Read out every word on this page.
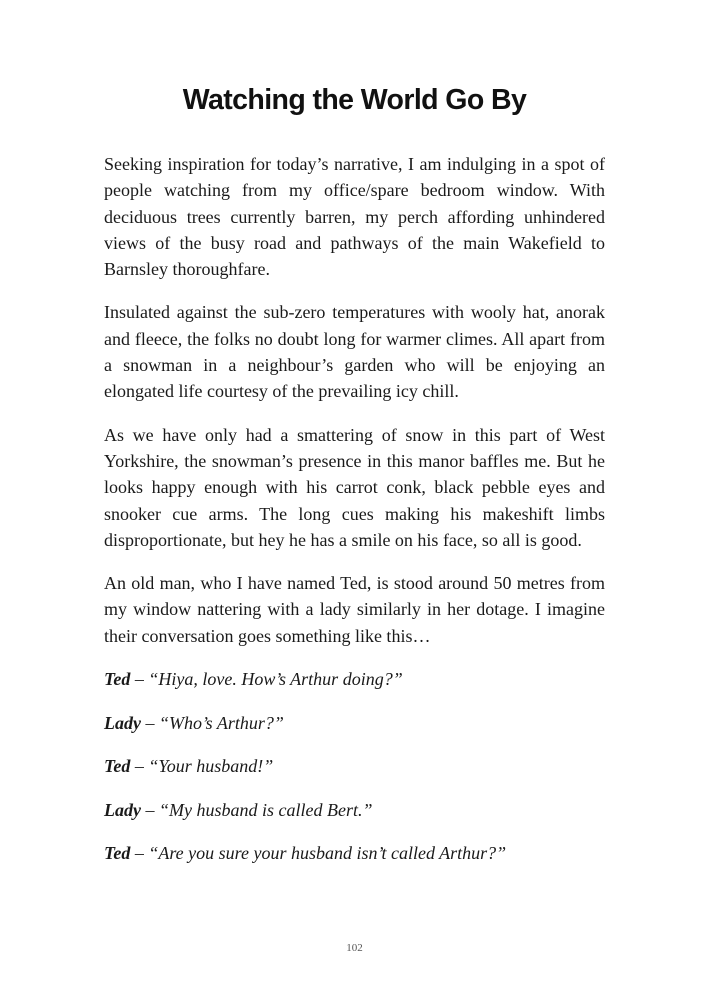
Watching the World Go By

Seeking inspiration for today’s narrative, I am indulging in a spot of people watching from my office/spare bedroom window. With deciduous trees currently barren, my perch affording unhindered views of the busy road and pathways of the main Wakefield to Barnsley thoroughfare.

Insulated against the sub-zero temperatures with wooly hat, anorak and fleece, the folks no doubt long for warmer climes. All apart from a snowman in a neighbour’s garden who will be enjoying an elongated life courtesy of the prevailing icy chill.

As we have only had a smattering of snow in this part of West Yorkshire, the snowman’s presence in this manor baffles me. But he looks happy enough with his carrot conk, black pebble eyes and snooker cue arms. The long cues making his makeshift limbs disproportionate, but hey he has a smile on his face, so all is good.

An old man, who I have named Ted, is stood around 50 metres from my window nattering with a lady similarly in her dotage. I imagine their conversation goes something like this…

Ted – “Hiya, love. How’s Arthur doing?”

Lady – “Who’s Arthur?”

Ted – “Your husband!”

Lady – “My husband is called Bert.”

Ted – “Are you sure your husband isn’t called Arthur?”

102
